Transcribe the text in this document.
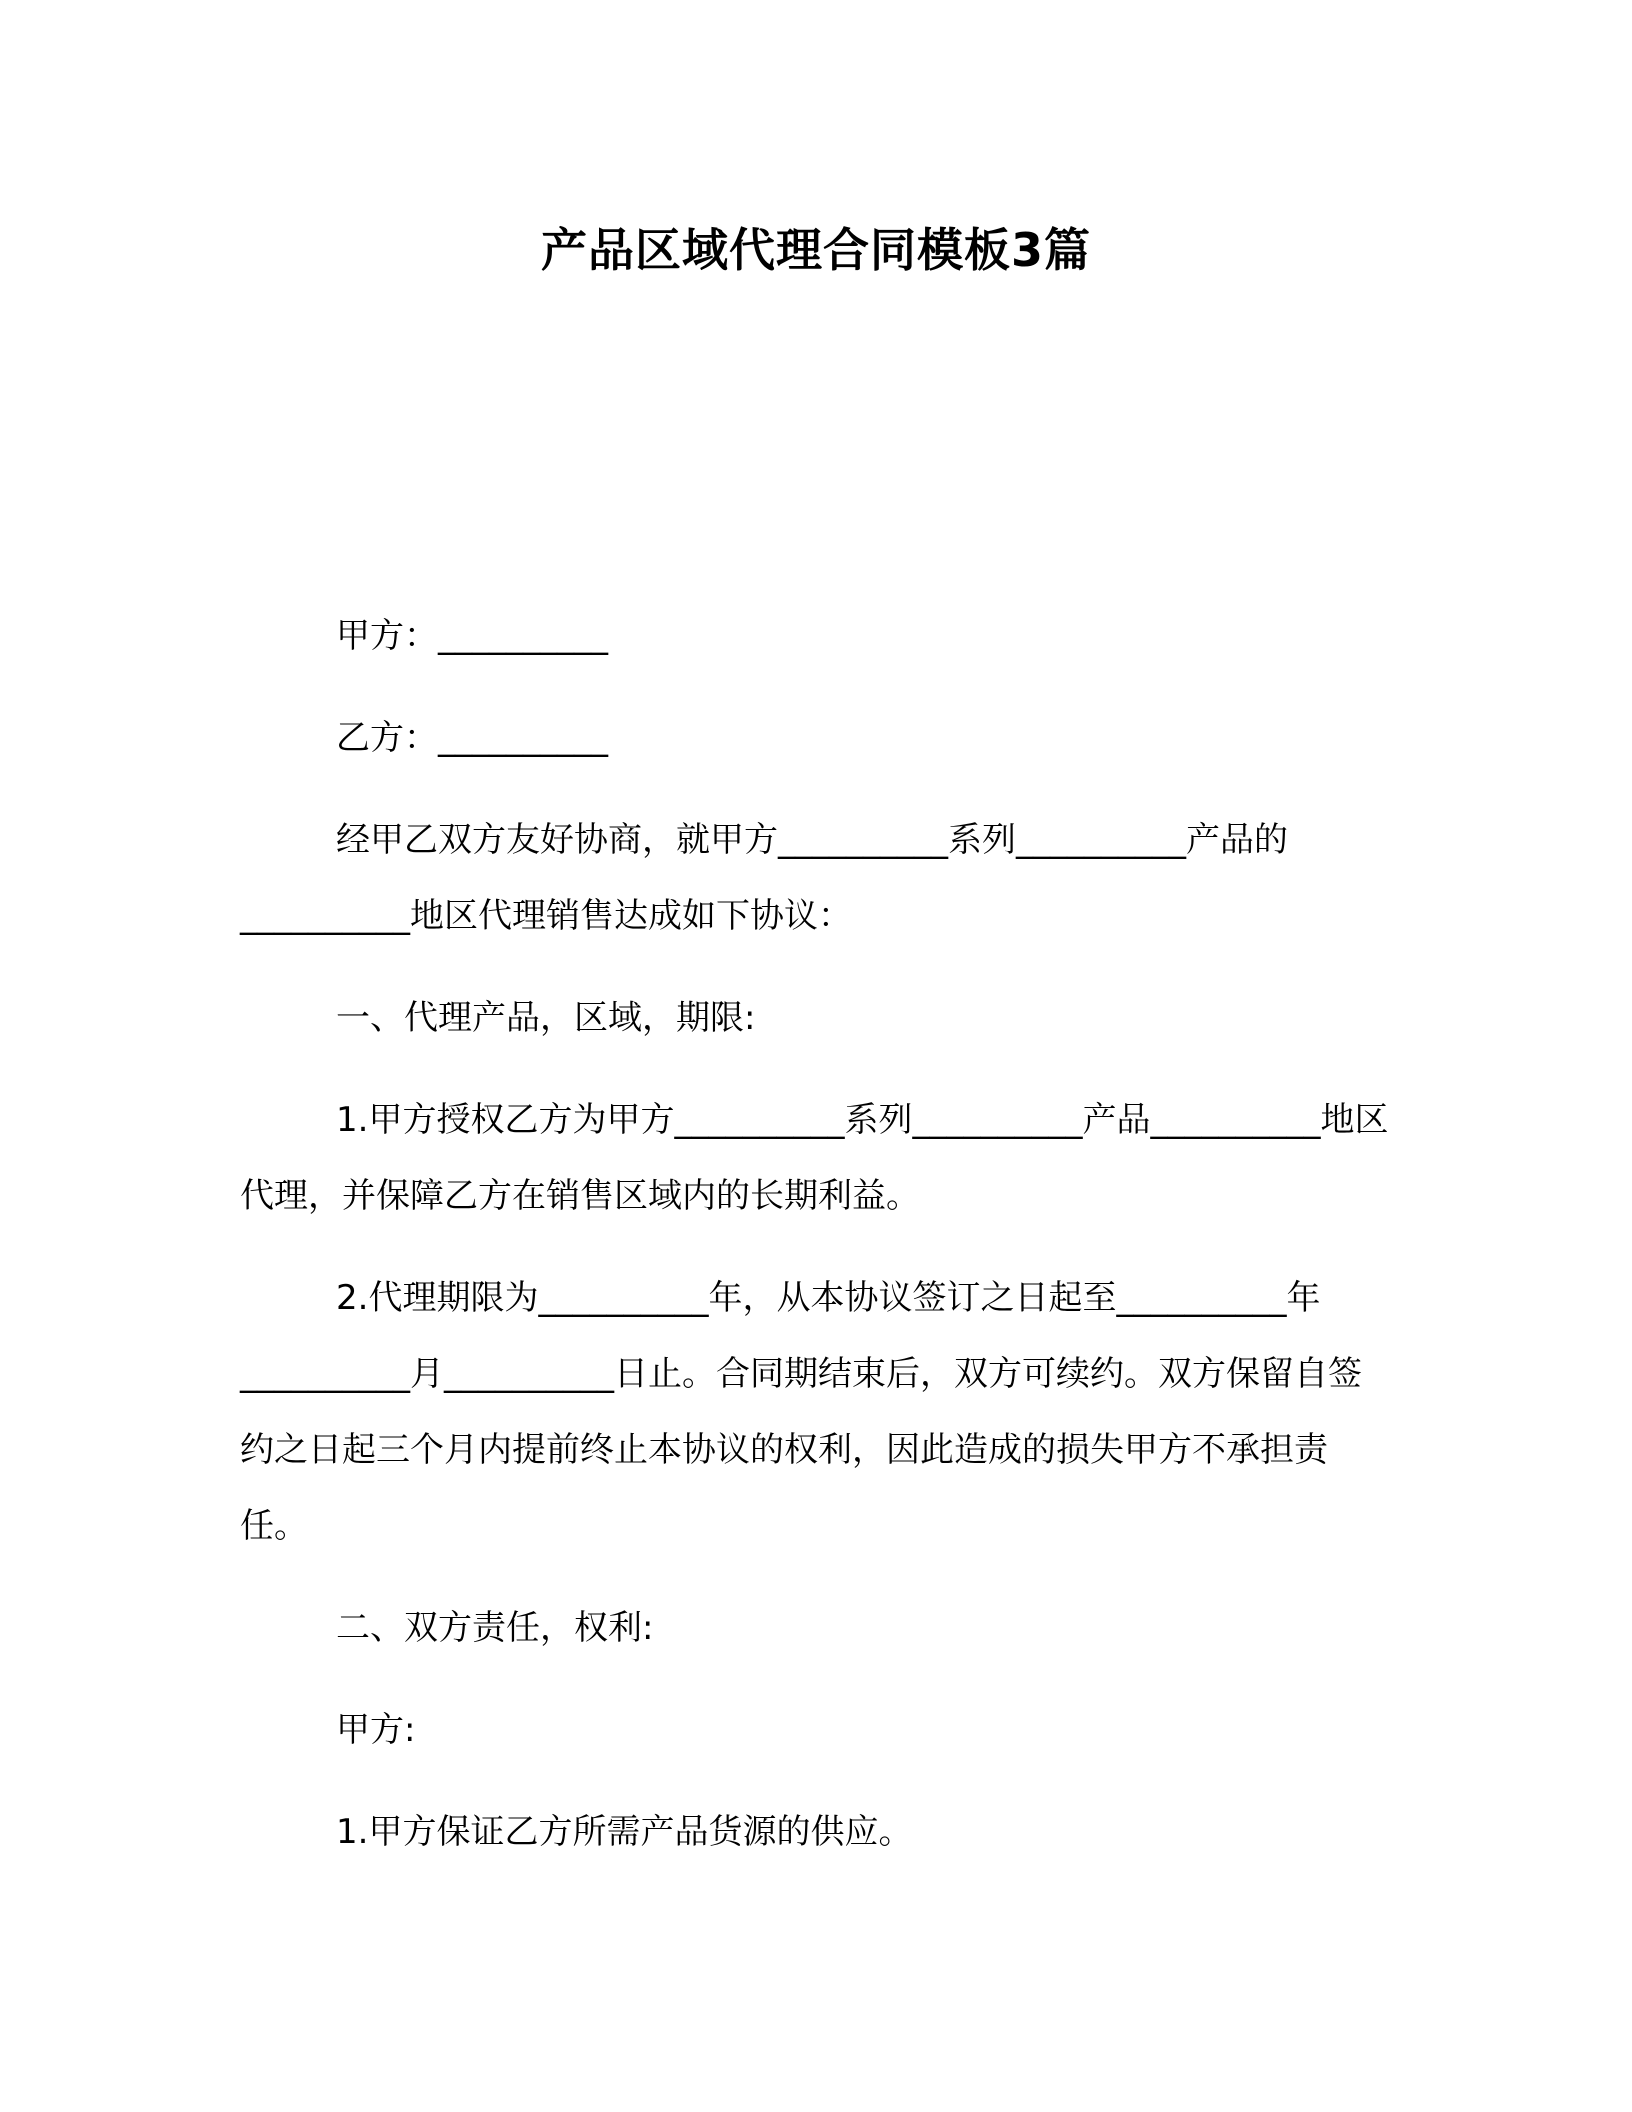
产品区域代理合同模板3篇

甲方：__________

乙方：__________

经甲乙双方友好协商，就甲方__________系列__________产品的__________地区代理销售达成如下协议：

一、代理产品，区域，期限:

1.甲方授权乙方为甲方__________系列__________产品__________地区代理，并保障乙方在销售区域内的长期利益。

2.代理期限为__________年，从本协议签订之日起至__________年__________月__________日止。合同期结束后，双方可续约。双方保留自签约之日起三个月内提前终止本协议的权利，因此造成的损失甲方不承担责任。

二、双方责任，权利:

甲方:

1.甲方保证乙方所需产品货源的供应。
